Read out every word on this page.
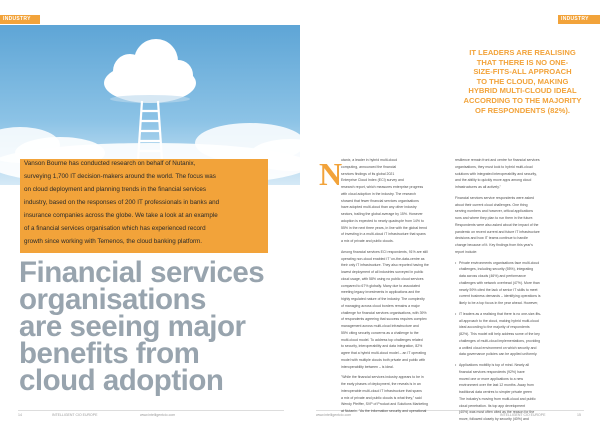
INDUSTRY
Vanson Bourne has conducted research on behalf of Nutanix,
surveying 1,700 IT decision-makers around the world. The focus was
on cloud deployment and planning trends in the financial services
industry, based on the responses of 200 IT professionals in banks and
insurance companies across the globe. We take a look at an example
of a financial services organisation which has experienced record
growth since working with Temenos, the cloud banking platform.
Financial services
organisations
are seeing major
benefits from
cloud adoption
14	INTELLIGENT CIO EUROPE	www.intelligentcio.com
INDUSTRY WATCH
www.intelligentcio.com	INTELLIGENT CIO EUROPE	15
N

utanix, a leader in hybrid multi-cloud

computing, announced the financial

services findings of its global 2021

Enterprise Cloud Index (ECI) survey and

research report, which measures enterprise progress

with cloud adoption in the industry. The research

showed that fewer financial services organisations

have adopted multi-cloud than any other industry

sectors, trailing the global average by 15%. However

adoption is expected to nearly quadruple from 14% to

55% in the next three years, in line with the global trend

of investing in a multi-cloud IT infrastructure that spans

a mix of private and public clouds.

Among financial services ECI respondents, 91% are still

operating non-cloud enabled IT 'on-the-data-centre as

their only IT infrastructure. They also reported having the

lowest deployment of all industries surveyed in public

cloud usage, with 58% using no public cloud services

compared to 67% globally. Many due to associated

meeting legacy investments in applications and the

highly regulated nature of the industry. The complexity

of managing across cloud borders remains a major

challenge for financial services organisations, with 39%

of respondents agreeing that success requires complex

management across multi-cloud infrastructure and

55% citing security concerns as a challenge to the

multi-cloud model. To address top challenges related

to security, interoperability and data integration, 82%

agree that a hybrid multi-cloud model – an IT operating

model with multiple clouds both private and public with

interoperability between – is ideal.

"While the financial services industry appears to be in

the early phases of deployment, the reveals is in an

interoperable multi-cloud IT infrastructure that spans

a mix of private and public clouds is what they," said

Wendy Pfeiffer, SVP of Product and Solutions Marketing

at Nutanix. "As the information security and operational

IT LEADERS ARE REALISING
THAT THERE IS NO ONE-
SIZE-FITS-ALL APPROACH
TO THE CLOUD, MAKING
HYBRID MULTI-CLOUD IDEAL
ACCORDING TO THE MAJORITY
OF RESPONDENTS (82%).

resilience remain front and centre for financial services

organisations, they must look to hybrid multi-cloud

solutions with integrated interoperability and security,

and the ability to quickly move apps among cloud

infrastructures as all actively."

Financial services service respondents were asked

about their current cloud challenges. One thing

serving numbers and however, critical applications

runs and where they plan to run them in the future.

Respondents were also asked about the impact of the

pandemic on recent current and future IT infrastructure

decisions and how IT teams continue to handle

change because of it. Key findings from this year's

report include:

• Private environments organisations face multi-cloud

challenges, including security (55%), integrating

data across clouds (46%) and performance

challenges with network overhead (47%). More than

nearly 59% cited the lack of senior IT skills to meet

current business demands – identifying operations is

likely to be a top focus in the year ahead. However,

• IT leaders as a realising that there is no one-size-fits-

all approach to the cloud, making hybrid multi-cloud

ideal according to the majority of respondents

(82%). This model will help address some of the key

challenges of multi-cloud implementations, providing

a unified cloud environment on which security and

data governance policies can be applied uniformly.

• Applications mobility is top of mind. Nearly all

financial services respondents (92%) have

moved one or more applications to a new

environment over the last 12 months. Away from

traditional data centres to simpler private green

The industry's moving from multi-cloud and public

cloud penetration. Its top app development

(40%) was most often cited as the reason for the

move, followed closely by security (40%) and
